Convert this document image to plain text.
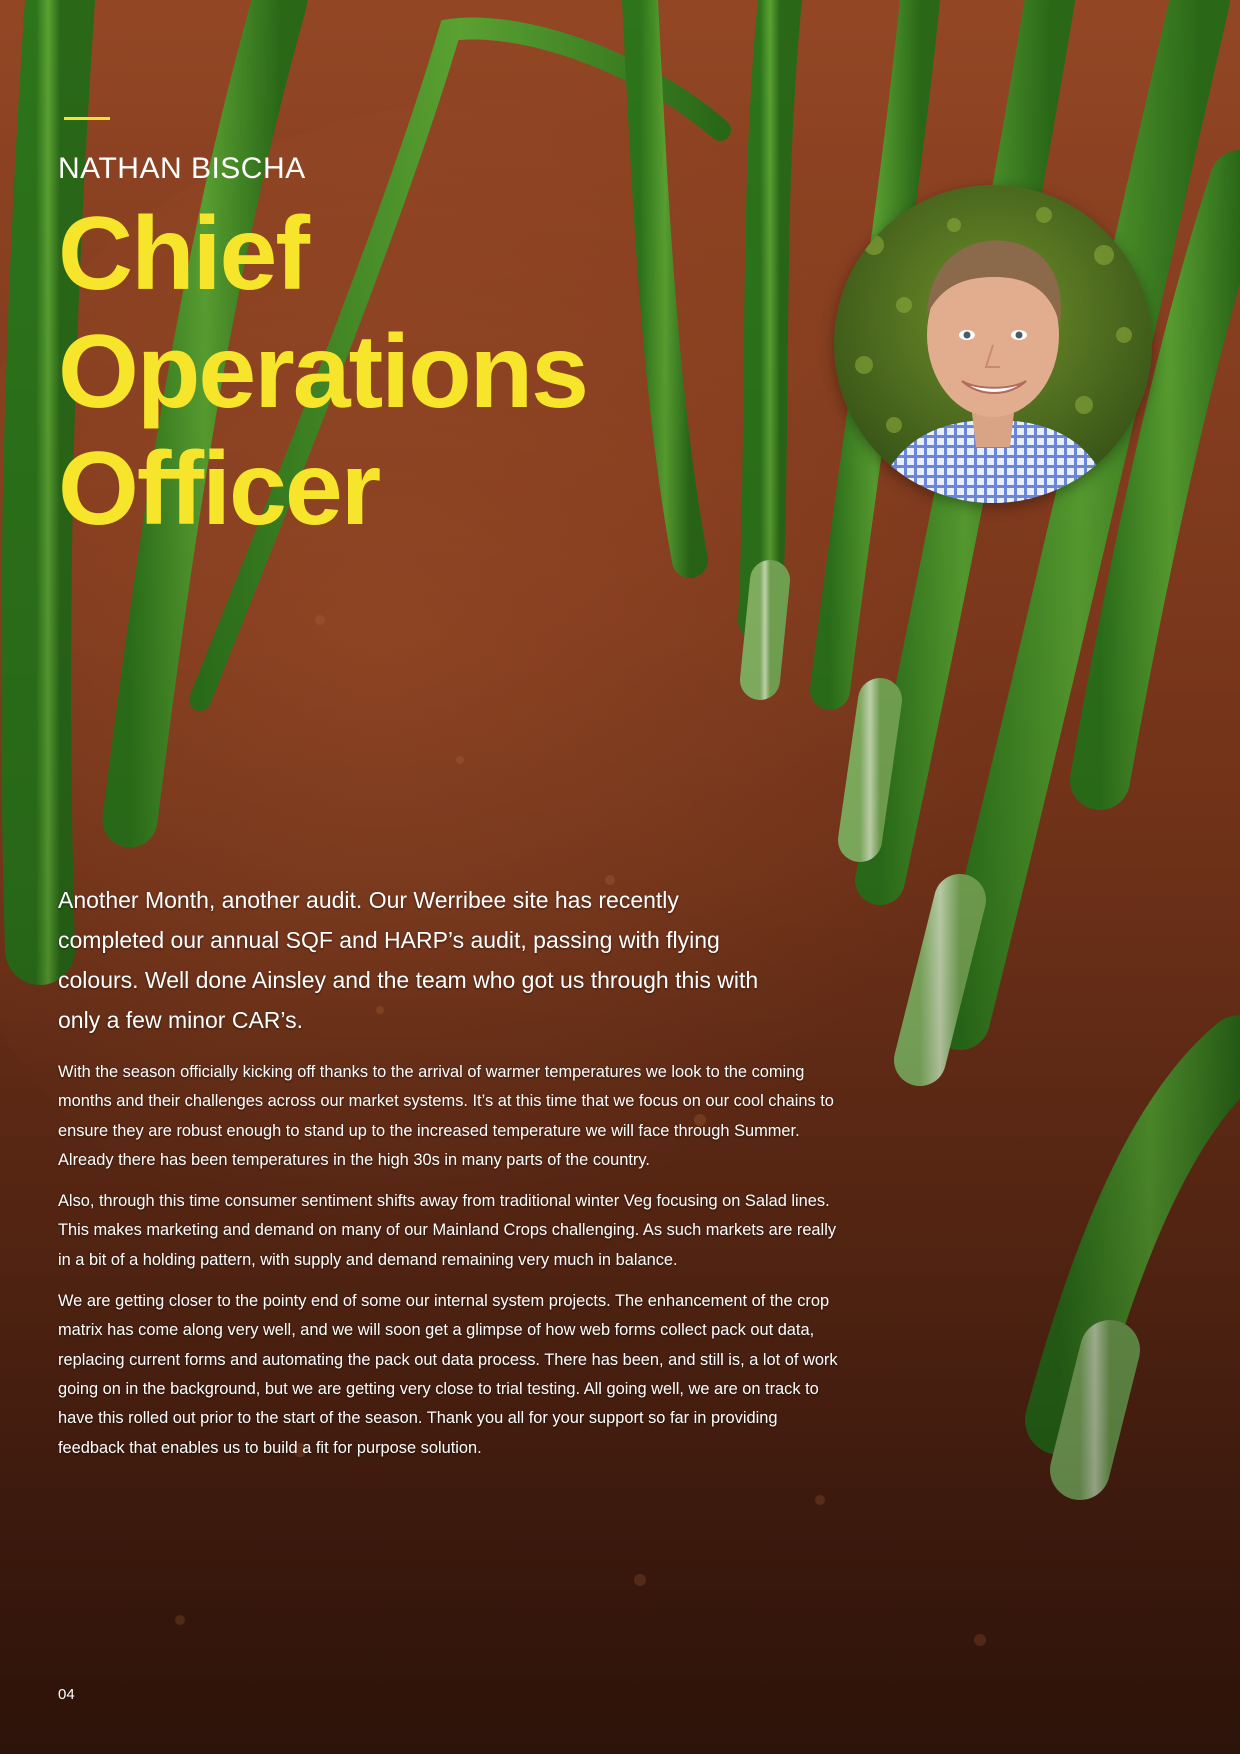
NATHAN BISCHA

Chief
Operations
Officer

Another Month, another audit. Our Werribee site has recently completed our annual SQF and HARP’s audit, passing with flying colours. Well done Ainsley and the team who got us through this with only a few minor CAR’s.

With the season officially kicking off thanks to the arrival of warmer temperatures we look to the coming months and their challenges across our market systems. It’s at this time that we focus on our cool chains to ensure they are robust enough to stand up to the increased temperature we will face through Summer. Already there has been temperatures in the high 30s in many parts of the country.

Also, through this time consumer sentiment shifts away from traditional winter Veg focusing on Salad lines. This makes marketing and demand on many of our Mainland Crops challenging. As such markets are really in a bit of a holding pattern, with supply and demand remaining very much in balance.

We are getting closer to the pointy end of some our internal system projects. The enhancement of the crop matrix has come along very well, and we will soon get a glimpse of how web forms collect pack out data, replacing current forms and automating the pack out data process. There has been, and still is, a lot of work going on in the background, but we are getting very close to trial testing. All going well, we are on track to have this rolled out prior to the start of the season. Thank you all for your support so far in providing feedback that enables us to build a fit for purpose solution.

04
